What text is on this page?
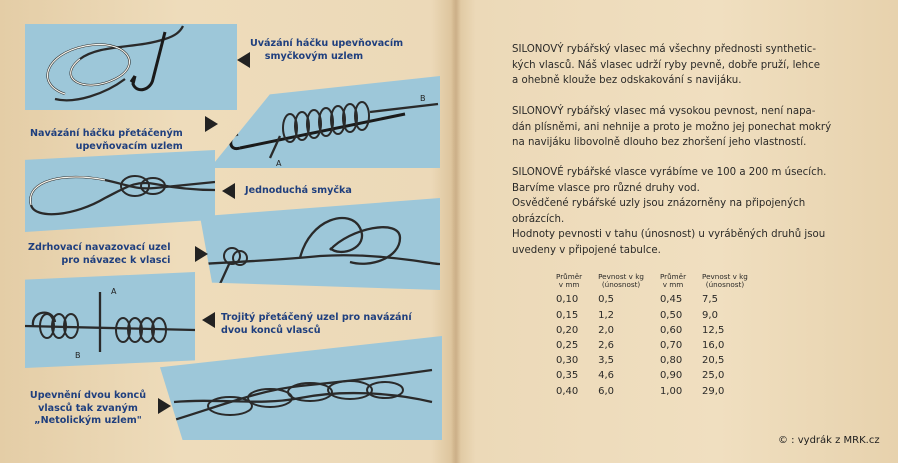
Uvázání háčku upevňovacím
smyčkovým uzlem
A
B
Navázání háčku přetáčeným
upevňovacím uzlem
Jednoduchá smyčka
Zdrhovací navazovací uzel
pro návazec k vlasci
A
B
Trojitý přetáčený uzel pro navázání
dvou konců vlasců
Upevnění dvou konců
vlasců tak zvaným
„Netolickým uzlem"

SILONOVÝ rybářský vlasec má všechny přednosti synthetic-

kých vlasců. Náš vlasec udrží ryby pevně, dobře pruží, lehce

a ohebně klouže bez odskakování s navijáku.

SILONOVÝ rybářský vlasec má vysokou pevnost, není napa-

dán plísněmi, ani nehnije a proto je možno jej ponechat mokrý

na navijáku libovolně dlouho bez zhoršení jeho vlastností.

SILONOVÉ rybářské vlasce vyrábíme ve 100 a 200 m úsecích.

Barvíme vlasce pro různé druhy vod.

Osvědčené rybářské uzly jsou znázorněny na připojených

obrázcích.

Hodnoty pevnosti v tahu (únosnost) u vyráběných druhů jsou

uvedeny v připojené tabulce.

Průměr
v mm	Pevnost v kg
(únosnost)	Průměr
v mm	Pevnost v kg
(únosnost)
0,10	0,5	0,45	7,5
0,15	1,2	0,50	9,0
0,20	2,0	0,60	12,5
0,25	2,6	0,70	16,0
0,30	3,5	0,80	20,5
0,35	4,6	0,90	25,0
0,40	6,0	1,00	29,0
© : vydrák z MRK.cz
